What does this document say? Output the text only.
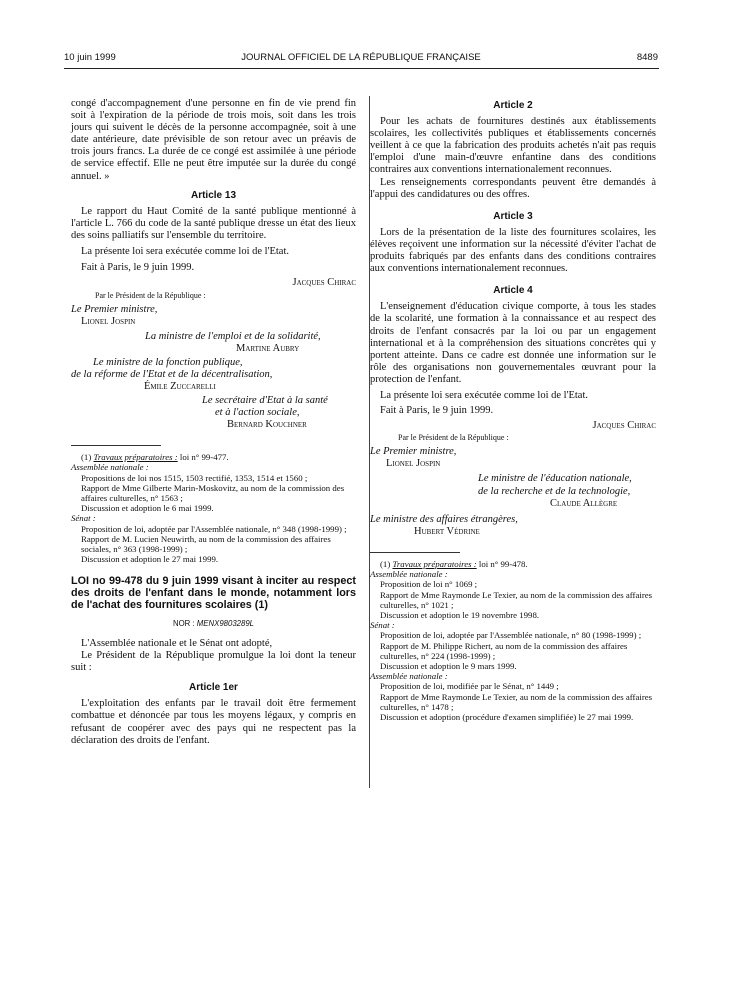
10 juin 1999	JOURNAL OFFICIEL DE LA RÉPUBLIQUE FRANÇAISE	8489

congé d'accompagnement d'une personne en fin de vie prend fin soit à l'expiration de la période de trois mois, soit dans les trois jours qui suivent le décès de la personne accompagnée, soit à une date antérieure, date prévisible de son retour avec un préavis de trois jours francs. La durée de ce congé est assimilée à une période de service effectif. Elle ne peut être imputée sur la durée du congé annuel. »

Article 13

Le rapport du Haut Comité de la santé publique mentionné à l'article L. 766 du code de la santé publique dresse un état des lieux des soins palliatifs sur l'ensemble du territoire.

La présente loi sera exécutée comme loi de l'Etat.

Fait à Paris, le 9 juin 1999.

Jacques Chirac

Par le Président de la République :

Le Premier ministre,

Lionel Jospin

La ministre de l'emploi et de la solidarité,

Martine Aubry

Le ministre de la fonction publique,

de la réforme de l'Etat et de la décentralisation,

Émile Zuccarelli

Le secrétaire d'Etat à la santé

et à l'action sociale,

Bernard Kouchner

(1) Travaux préparatoires : loi n° 99-477.

Assemblée nationale :

Propositions de loi nos 1515, 1503 rectifié, 1353, 1514 et 1560 ;

Rapport de Mme Gilberte Marin-Moskovitz, au nom de la commission des affaires culturelles, n° 1563 ;

Discussion et adoption le 6 mai 1999.

Sénat :

Proposition de loi, adoptée par l'Assemblée nationale, n° 348 (1998-1999) ;

Rapport de M. Lucien Neuwirth, au nom de la commission des affaires sociales, n° 363 (1998-1999) ;

Discussion et adoption le 27 mai 1999.

LOI no 99-478 du 9 juin 1999 visant à inciter au respect des droits de l'enfant dans le monde, notamment lors de l'achat des fournitures scolaires (1)

NOR : MENX9803289L

L'Assemblée nationale et le Sénat ont adopté,

Le Président de la République promulgue la loi dont la teneur suit :

Article 1er

L'exploitation des enfants par le travail doit être fermement combattue et dénoncée par tous les moyens légaux, y compris en refusant de coopérer avec des pays qui ne respectent pas la déclaration des droits de l'enfant.

Article 2

Pour les achats de fournitures destinés aux établissements scolaires, les collectivités publiques et établissements concernés veillent à ce que la fabrication des produits achetés n'ait pas requis l'emploi d'une main-d'œuvre enfantine dans des conditions contraires aux conventions internationalement reconnues.

Les renseignements correspondants peuvent être demandés à l'appui des candidatures ou des offres.

Article 3

Lors de la présentation de la liste des fournitures scolaires, les élèves reçoivent une information sur la nécessité d'éviter l'achat de produits fabriqués par des enfants dans des conditions contraires aux conventions internationalement reconnues.

Article 4

L'enseignement d'éducation civique comporte, à tous les stades de la scolarité, une formation à la connaissance et au respect des droits de l'enfant consacrés par la loi ou par un engagement international et à la compréhension des situations concrètes qui y portent atteinte. Dans ce cadre est donnée une information sur le rôle des organisations non gouvernementales œuvrant pour la protection de l'enfant.

La présente loi sera exécutée comme loi de l'Etat.

Fait à Paris, le 9 juin 1999.

Jacques Chirac

Par le Président de la République :

Le Premier ministre,

Lionel Jospin

Le ministre de l'éducation nationale,

de la recherche et de la technologie,

Claude Allègre

Le ministre des affaires étrangères,

Hubert Védrine

(1) Travaux préparatoires : loi n° 99-478.

Assemblée nationale :

Proposition de loi n° 1069 ;

Rapport de Mme Raymonde Le Texier, au nom de la commission des affaires culturelles, n° 1021 ;

Discussion et adoption le 19 novembre 1998.

Sénat :

Proposition de loi, adoptée par l'Assemblée nationale, n° 80 (1998-1999) ;

Rapport de M. Philippe Richert, au nom de la commission des affaires culturelles, n° 224 (1998-1999) ;

Discussion et adoption le 9 mars 1999.

Assemblée nationale :

Proposition de loi, modifiée par le Sénat, n° 1449 ;

Rapport de Mme Raymonde Le Texier, au nom de la commission des affaires culturelles, n° 1478 ;

Discussion et adoption (procédure d'examen simplifiée) le 27 mai 1999.
